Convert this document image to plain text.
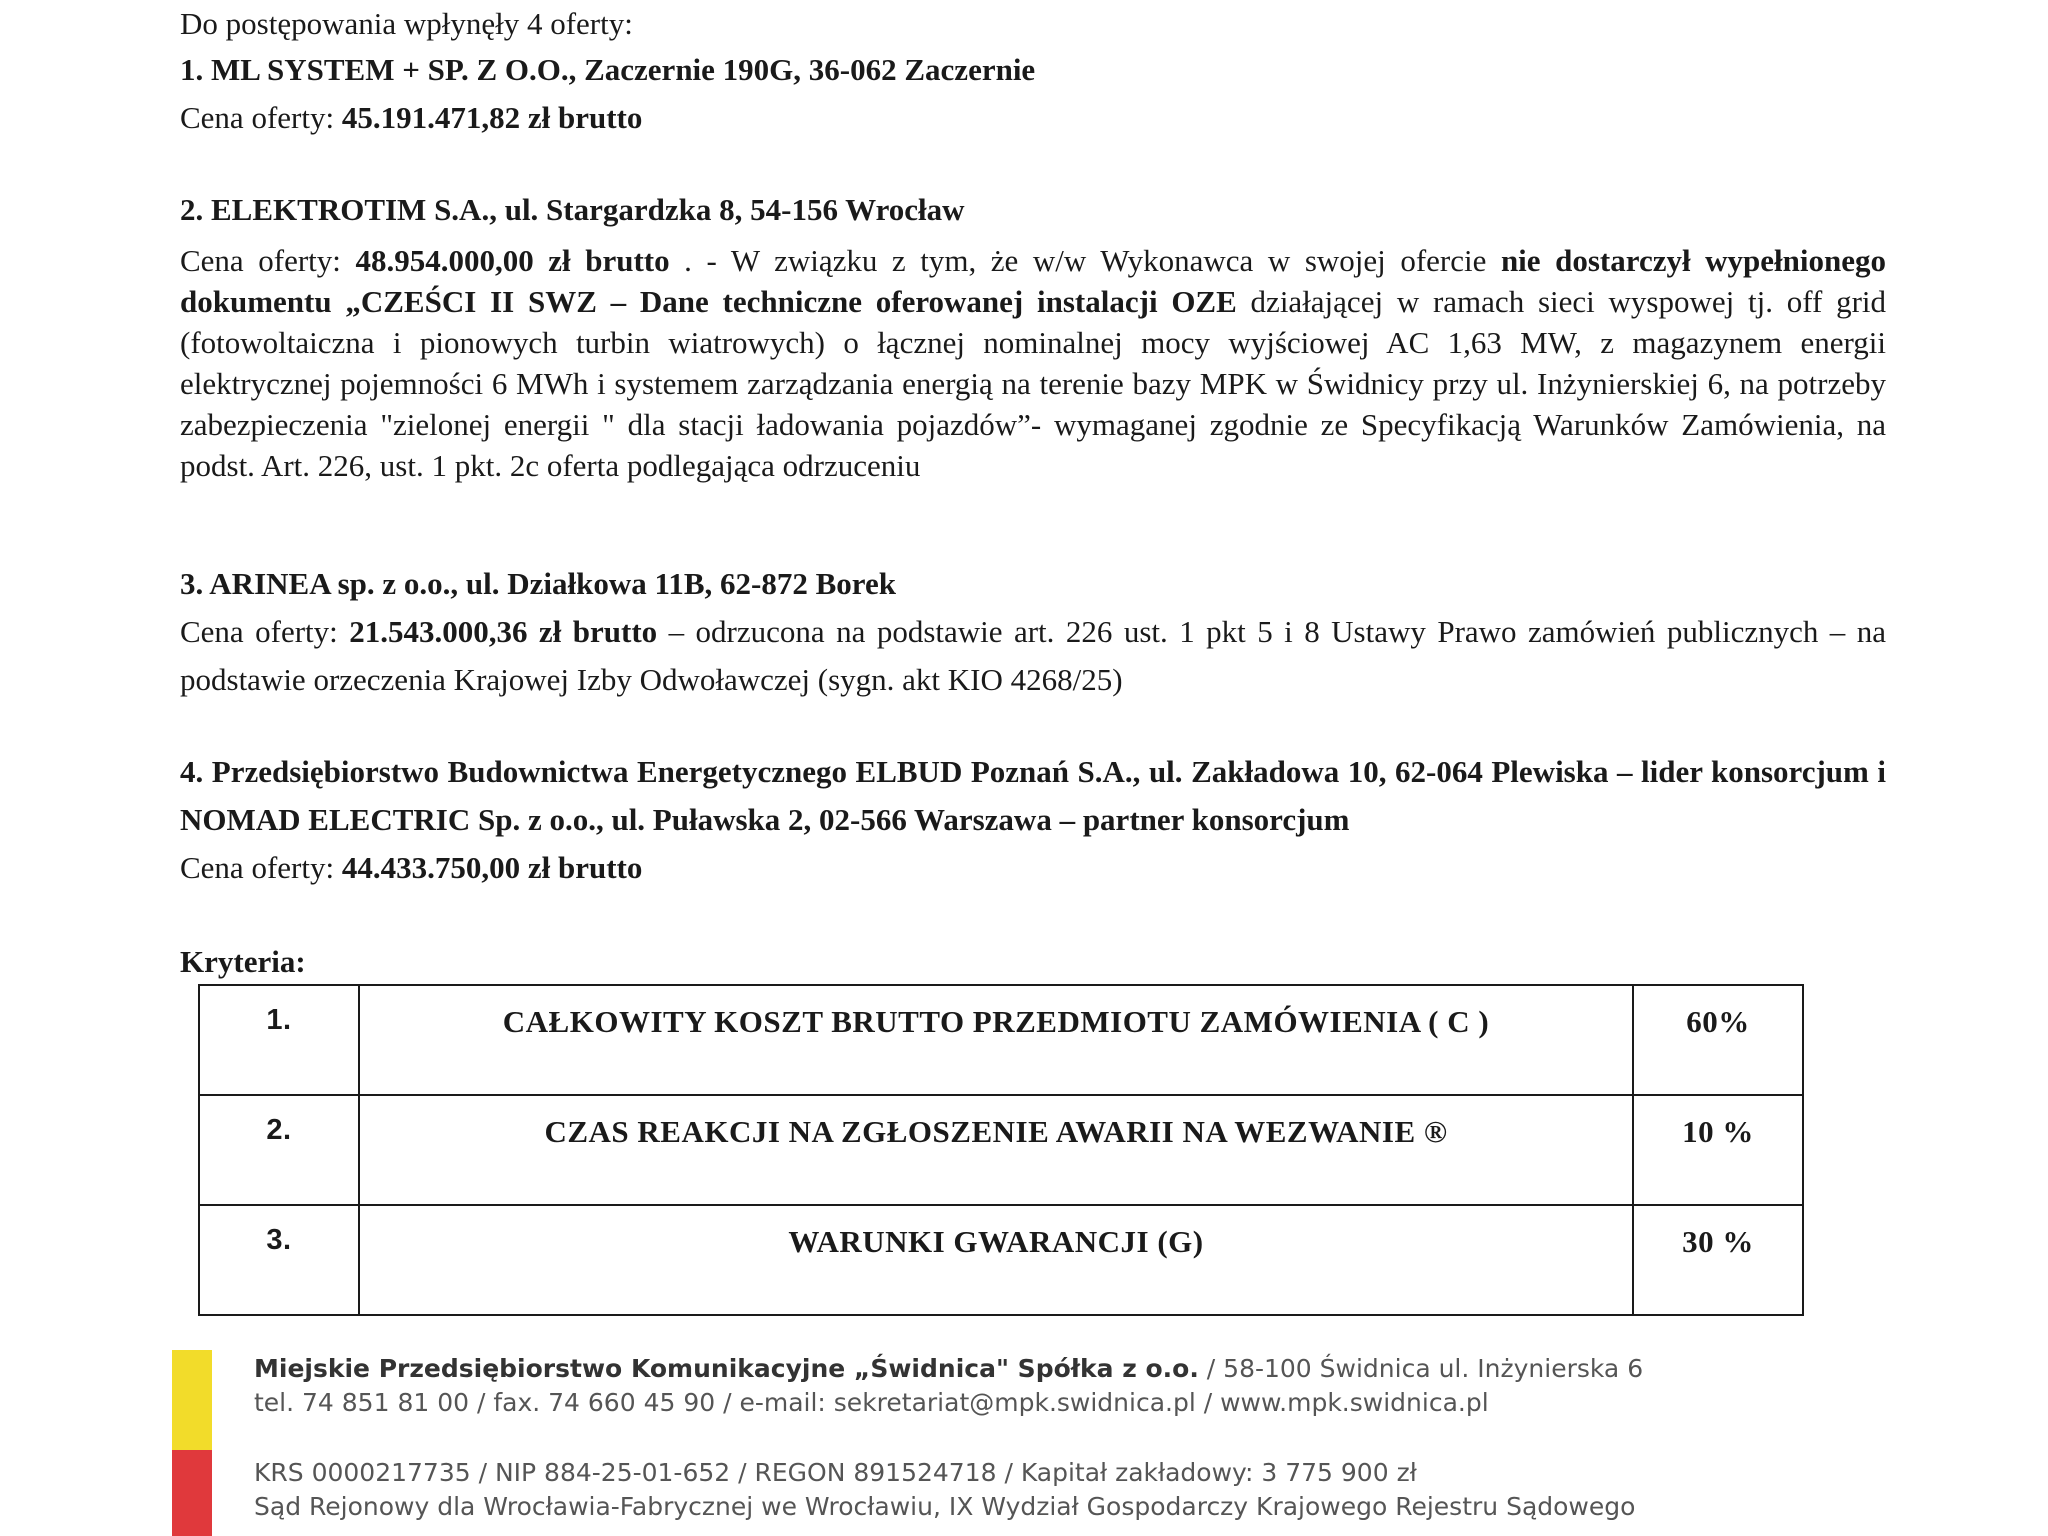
Do postępowania wpłynęły 4 oferty:
1. ML SYSTEM + SP. Z O.O., Zaczernie 190G, 36-062 Zaczernie
Cena oferty: 45.191.471,82 zł brutto
2. ELEKTROTIM S.A., ul. Stargardzka 8, 54-156 Wrocław
Cena oferty: 48.954.000,00 zł brutto . - W związku z tym, że w/w Wykonawca w swojej ofercie nie dostarczył wypełnionego dokumentu „CZEŚCI II SWZ – Dane techniczne oferowanej instalacji OZE działającej w ramach sieci wyspowej tj. off grid (fotowoltaiczna i pionowych turbin wiatrowych) o łącznej nominalnej mocy wyjściowej AC 1,63 MW, z magazynem energii elektrycznej pojemności 6 MWh i systemem zarządzania energią na terenie bazy MPK w Świdnicy przy ul. Inżynierskiej 6, na potrzeby zabezpieczenia "zielonej energii " dla stacji ładowania pojazdów”- wymaganej zgodnie ze Specyfikacją Warunków Zamówienia, na podst. Art. 226, ust. 1 pkt. 2c oferta podlegająca odrzuceniu
3. ARINEA sp. z o.o., ul. Działkowa 11B, 62-872 Borek
Cena oferty: 21.543.000,36 zł brutto – odrzucona na podstawie art. 226 ust. 1 pkt 5 i 8 Ustawy Prawo zamówień publicznych – na podstawie orzeczenia Krajowej Izby Odwoławczej (sygn. akt KIO 4268/25)
4. Przedsiębiorstwo Budownictwa Energetycznego ELBUD Poznań S.A., ul. Zakładowa 10, 62-064 Plewiska – lider konsorcjum i NOMAD ELECTRIC Sp. z o.o., ul. Puławska 2, 02-566 Warszawa – partner konsorcjum
Cena oferty: 44.433.750,00 zł brutto
Kryteria:
1.	CAŁKOWITY KOSZT BRUTTO PRZEDMIOTU ZAMÓWIENIA ( C )	60%
2.	CZAS REAKCJI NA ZGŁOSZENIE AWARII NA WEZWANIE ®	10 %
3.	WARUNKI GWARANCJI (G)	30 %
Miejskie Przedsiębiorstwo Komunikacyjne „Świdnica" Spółka z o.o. / 58-100 Świdnica ul. Inżynierska 6
tel. 74 851 81 00 / fax. 74 660 45 90 / e-mail: sekretariat@mpk.swidnica.pl / www.mpk.swidnica.pl
KRS 0000217735 / NIP 884-25-01-652 / REGON 891524718 / Kapitał zakładowy: 3 775 900 zł
Sąd Rejonowy dla Wrocławia-Fabrycznej we Wrocławiu, IX Wydział Gospodarczy Krajowego Rejestru Sądowego
